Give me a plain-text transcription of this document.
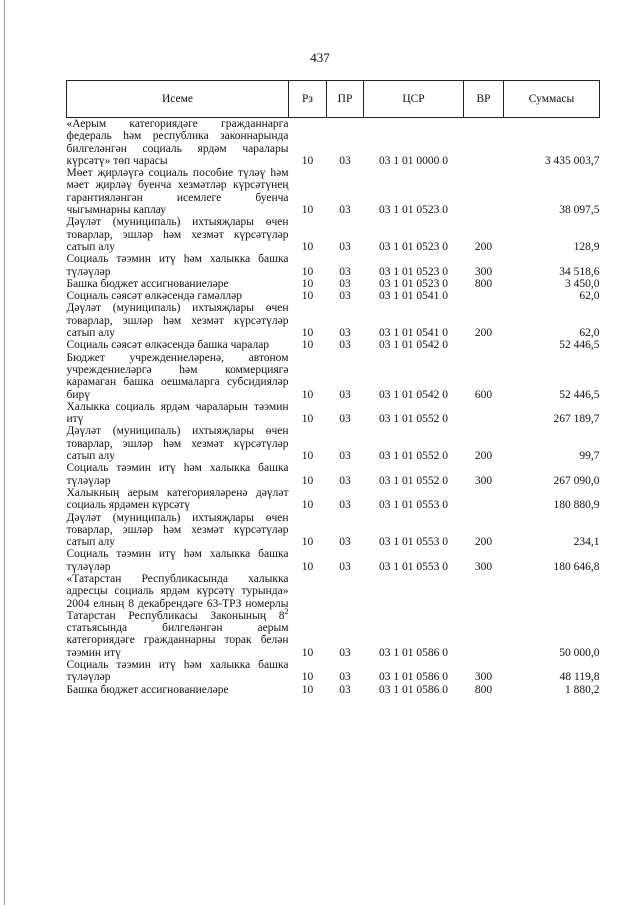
437
Исеме	Рз	ПР	ЦСР	ВР	Суммасы
«Аерым категориядәге гражданнарга федераль һәм республика законнарында билгеләнгән социаль ярдәм чаралары күрсәтү» төп чарасы	10	03	03 1 01 0000 0		3 435 003,7
Мөет җирләүгә социаль пособие түләү һәм мәет җирләү буенча хезмәтләр күрсәтүнең гарантияләнгән исемлеге буенча чыгымнарны каплау	10	03	03 1 01 0523 0		38 097,5
Дәүләт (муниципаль) ихтыяҗлары өчен товарлар, эшләр һәм хезмәт күрсәтүләр сатып алу	10	03	03 1 01 0523 0	200	128,9
Социаль тәэмин итү һәм халыкка башка түләүләр	10	03	03 1 01 0523 0	300	34 518,6
Башка бюджет ассигнованиеләре	10	03	03 1 01 0523 0	800	3 450,0
Социаль сәясәт өлкәсендә гамәлләр	10	03	03 1 01 0541 0		62,0
Дәүләт (муниципаль) ихтыяҗлары өчен товарлар, эшләр һәм хезмәт күрсәтүләр сатып алу	10	03	03 1 01 0541 0	200	62,0
Социаль сәясәт өлкәсендә башка чаралар	10	03	03 1 01 0542 0		52 446,5
Бюджет учреждениеләренә, автоном учреждениеләргә һәм коммерциягә карамаган башка оешмаларга субсидияләр бирү	10	03	03 1 01 0542 0	600	52 446,5
Халыкка социаль ярдәм чараларын тәэмин итү	10	03	03 1 01 0552 0		267 189,7
Дәүләт (муниципаль) ихтыяҗлары өчен товарлар, эшләр һәм хезмәт күрсәтүләр сатып алу	10	03	03 1 01 0552 0	200	99,7
Социаль тәэмин итү һәм халыкка башка түләүләр	10	03	03 1 01 0552 0	300	267 090,0
Халыкның аерым категорияләренә дәүләт социаль ярдәмен күрсәтү	10	03	03 1 01 0553 0		180 880,9
Дәүләт (муниципаль) ихтыяҗлары өчен товарлар, эшләр һәм хезмәт күрсәтүләр сатып алу	10	03	03 1 01 0553 0	200	234,1
Социаль тәэмин итү һәм халыкка башка түләүләр	10	03	03 1 01 0553 0	300	180 646,8
«Татарстан Республикасында халыкка адресцы социаль ярдәм күрсәтү турында» 2004 елның 8 декабрендәге 63-ТРЗ номерлы Татарстан Республикасы Законының $8^2$ статьясында билгеләнгән аерым категориядәге гражданнарны торак белән тәэмин итү	10	03	03 1 01 0586 0		50 000,0
Социаль тәэмин итү һәм халыкка башка түләүләр	10	03	03 1 01 0586 0	300	48 119,8
Башка бюджет ассигнованиеләре	10	03	03 1 01 0586 0	800	1 880,2
